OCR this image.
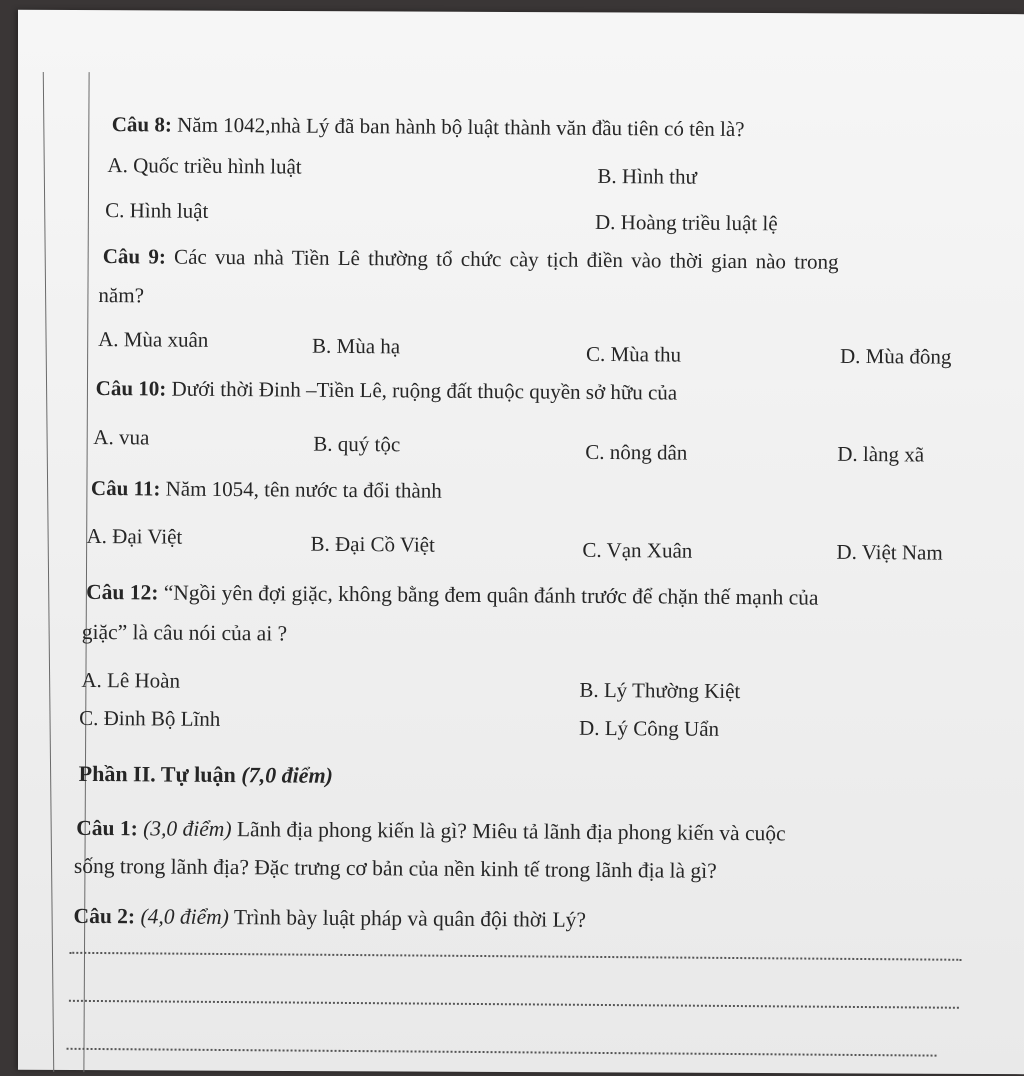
Câu 8: Năm 1042,nhà Lý đã ban hành bộ luật thành văn đầu tiên có tên là?
A. Quốc triều hình luật	B. Hình thư
C. Hình luật	D. Hoàng triều luật lệ
Câu 9: Các vua nhà Tiền Lê thường tổ chức cày tịch điền vào thời gian nào trong
năm?
A. Mùa xuân	B. Mùa hạ	C. Mùa thu	D. Mùa đông
Câu 10: Dưới thời Đinh –Tiền Lê, ruộng đất thuộc quyền sở hữu của
A. vua	B. quý tộc	C. nông dân	D. làng xã
Câu 11: Năm 1054, tên nước ta đổi thành
A. Đại Việt	B. Đại Cồ Việt	C. Vạn Xuân	D. Việt Nam
Câu 12: “Ngồi yên đợi giặc, không bằng đem quân đánh trước để chặn thế mạnh của
giặc” là câu nói của ai ?
A. Lê Hoàn	B. Lý Thường Kiệt
C. Đinh Bộ Lĩnh	D. Lý Công Uẩn
Phần II. Tự luận (7,0 điểm)
Câu 1: (3,0 điểm) Lãnh địa phong kiến là gì? Miêu tả lãnh địa phong kiến và cuộc
sống trong lãnh địa? Đặc trưng cơ bản của nền kinh tế trong lãnh địa là gì?
Câu 2: (4,0 điểm) Trình bày luật pháp và quân đội thời Lý?
